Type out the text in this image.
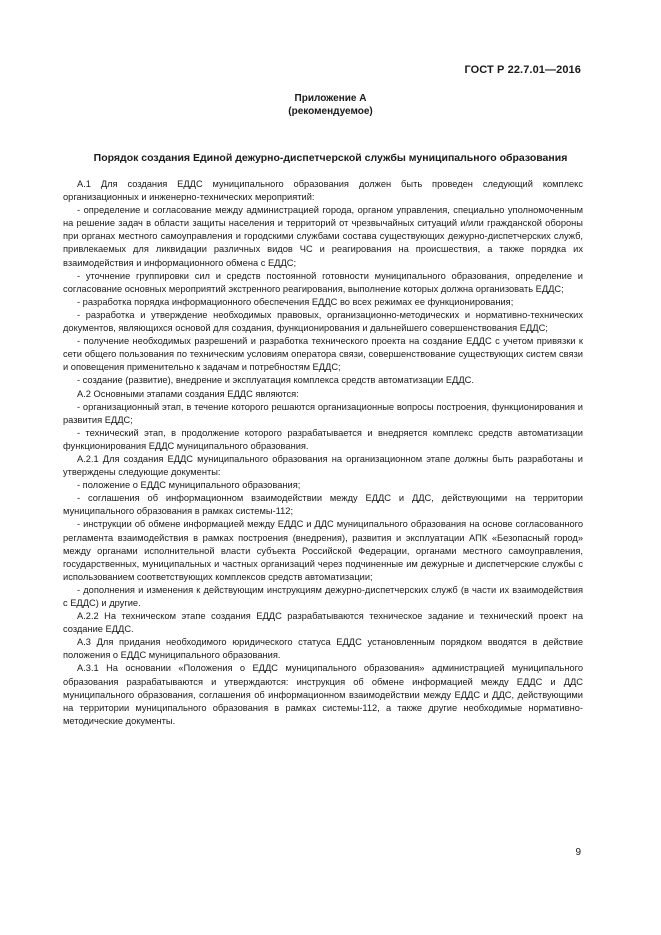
ГОСТ Р 22.7.01—2016
Приложение А
(рекомендуемое)
Порядок создания Единой дежурно-диспетчерской службы муниципального образования

А.1 Для создания ЕДДС муниципального образования должен быть проведен следующий комплекс организационных и инженерно-технических мероприятий:

- определение и согласование между администрацией города, органом управления, специально уполномоченным на решение задач в области защиты населения и территорий от чрезвычайных ситуаций и/или гражданской обороны при органах местного самоуправления и городскими службами состава существующих дежурно-диспетчерских служб, привлекаемых для ликвидации различных видов ЧС и реагирования на происшествия, а также порядка их взаимодействия и информационного обмена с ЕДДС;

- уточнение группировки сил и средств постоянной готовности муниципального образования, определение и согласование основных мероприятий экстренного реагирования, выполнение которых должна организовать ЕДДС;

- разработка порядка информационного обеспечения ЕДДС во всех режимах ее функционирования;

- разработка и утверждение необходимых правовых, организационно-методических и нормативно-технических документов, являющихся основой для создания, функционирования и дальнейшего совершенствования ЕДДС;

- получение необходимых разрешений и разработка технического проекта на создание ЕДДС с учетом привязки к сети общего пользования по техническим условиям оператора связи, совершенствование существующих систем связи и оповещения применительно к задачам и потребностям ЕДДС;

- создание (развитие), внедрение и эксплуатация комплекса средств автоматизации ЕДДС.

А.2 Основными этапами создания ЕДДС являются:

- организационный этап, в течение которого решаются организационные вопросы построения, функционирования и развития ЕДДС;

- технический этап, в продолжение которого разрабатывается и внедряется комплекс средств автоматизации функционирования ЕДДС муниципального образования.

А.2.1 Для создания ЕДДС муниципального образования на организационном этапе должны быть разработаны и утверждены следующие документы:

- положение о ЕДДС муниципального образования;

- соглашения об информационном взаимодействии между ЕДДС и ДДС, действующими на территории муниципального образования в рамках системы-112;

- инструкции об обмене информацией между ЕДДС и ДДС муниципального образования на основе согласованного регламента взаимодействия в рамках построения (внедрения), развития и эксплуатации АПК «Безопасный город» между органами исполнительной власти субъекта Российской Федерации, органами местного самоуправления, государственных, муниципальных и частных организаций через подчиненные им дежурные и диспетчерские службы с использованием соответствующих комплексов средств автоматизации;

- дополнения и изменения к действующим инструкциям дежурно-диспетчерских служб (в части их взаимодействия с ЕДДС) и другие.

А.2.2 На техническом этапе создания ЕДДС разрабатываются техническое задание и технический проект на создание ЕДДС.

А.3 Для придания необходимого юридического статуса ЕДДС установленным порядком вводятся в действие положения о ЕДДС муниципального образования.

А.3.1 На основании «Положения о ЕДДС муниципального образования» администрацией муниципального образования разрабатываются и утверждаются: инструкция об обмене информацией между ЕДДС и ДДС муниципального образования, соглашения об информационном взаимодействии между ЕДДС и ДДС, действующими на территории муниципального образования в рамках системы-112, а также другие необходимые нормативно-методические документы.

9
